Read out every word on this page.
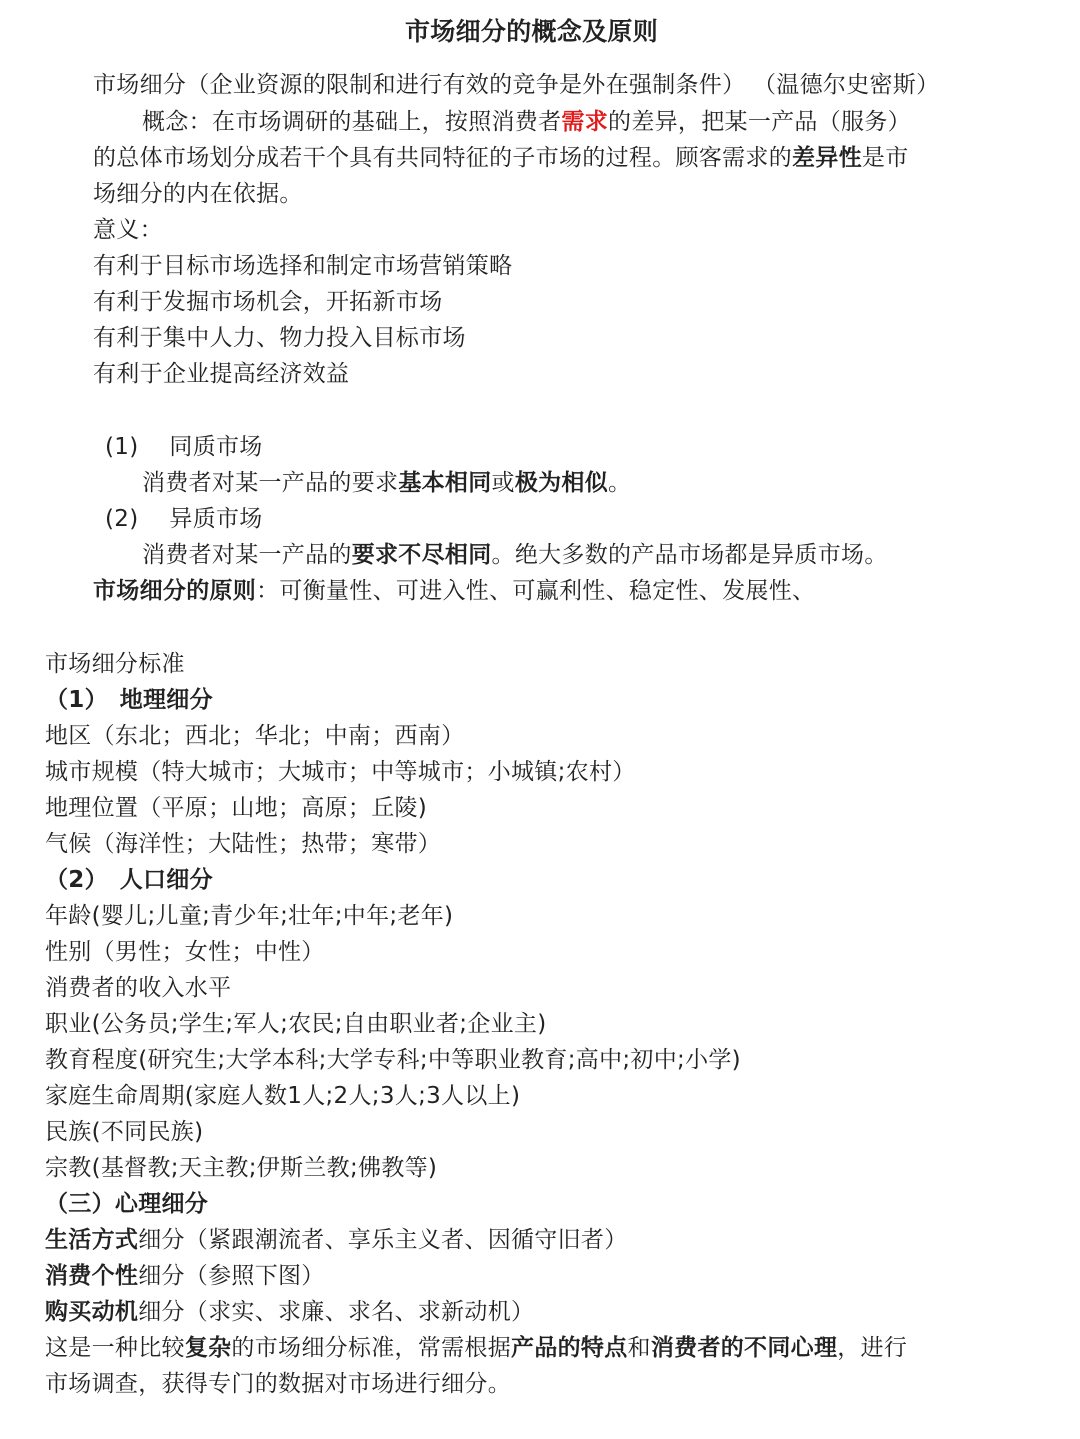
市场细分的概念及原则
市场细分（企业资源的限制和进行有效的竞争是外在强制条件） （温德尔史密斯）
概念：在市场调研的基础上，按照消费者需求的差异，把某一产品（服务）
的总体市场划分成若干个具有共同特征的子市场的过程。顾客需求的差异性是市
场细分的内在依据。
意义：
有利于目标市场选择和制定市场营销策略
有利于发掘市场机会，开拓新市场
有利于集中人力、物力投入目标市场
有利于企业提高经济效益
(1)　 同质市场
消费者对某一产品的要求基本相同或极为相似。
(2)　 异质市场
消费者对某一产品的要求不尽相同。绝大多数的产品市场都是异质市场。
市场细分的原则：可衡量性、可进入性、可赢利性、稳定性、发展性、
市场细分标准
（1）　地理细分
地区（东北；西北；华北；中南；西南）
城市规模（特大城市；大城市；中等城市；小城镇;农村）
地理位置（平原；山地；高原；丘陵)
气候（海洋性；大陆性；热带；寒带）
（2）　人口细分
年龄(婴儿;儿童;青少年;壮年;中年;老年)
性别（男性；女性；中性）
消费者的收入水平
职业(公务员;学生;军人;农民;自由职业者;企业主)
教育程度(研究生;大学本科;大学专科;中等职业教育;高中;初中;小学)
家庭生命周期(家庭人数1人;2人;3人;3人以上)
民族(不同民族)
宗教(基督教;天主教;伊斯兰教;佛教等)
（三）心理细分
生活方式细分（紧跟潮流者、享乐主义者、因循守旧者）
消费个性细分（参照下图）
购买动机细分（求实、求廉、求名、求新动机）
这是一种比较复杂的市场细分标准，常需根据产品的特点和消费者的不同心理，进行
市场调查，获得专门的数据对市场进行细分。
